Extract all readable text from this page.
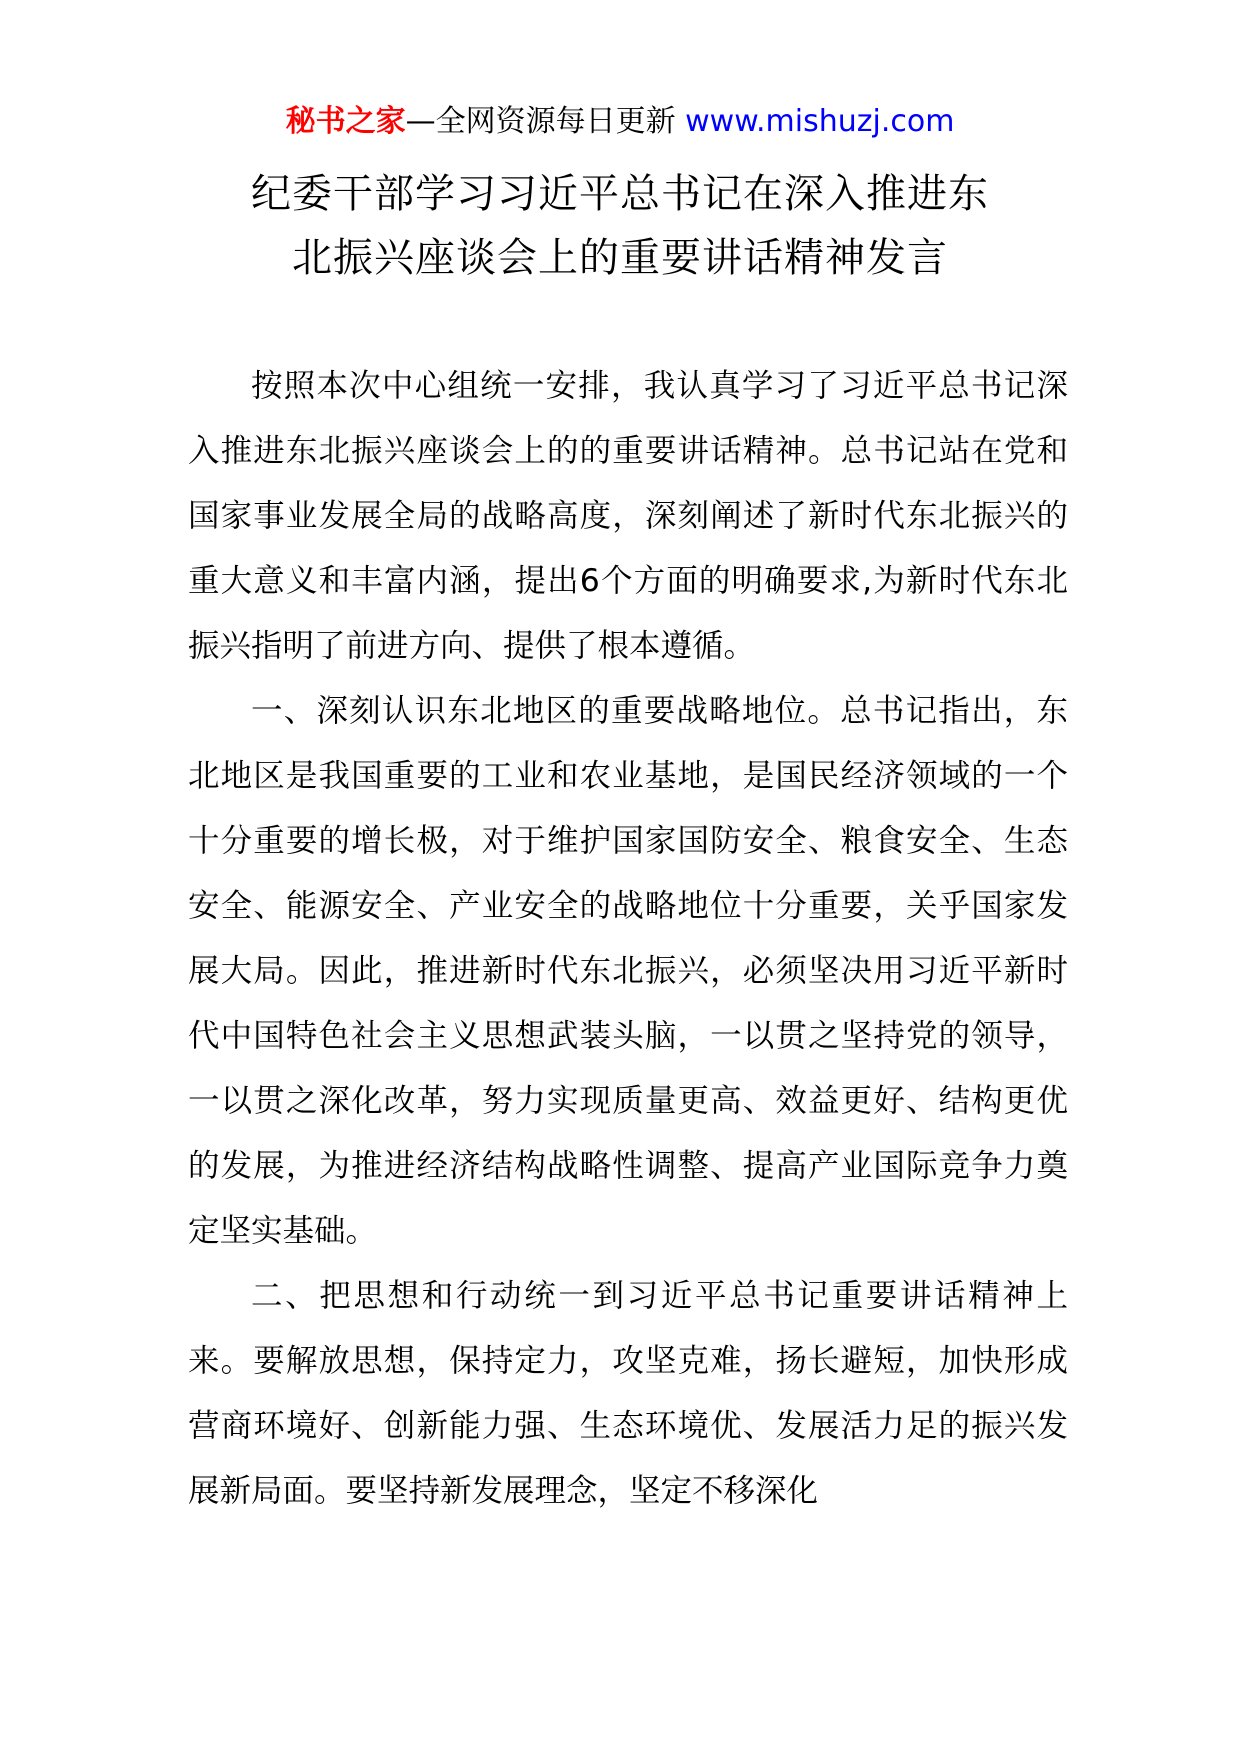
秘书之家—全网资源每日更新 www.mishuzj.com
纪委干部学习习近平总书记在深入推进东
北振兴座谈会上的重要讲话精神发言

按照本次中心组统一安排，我认真学习了习近平总书记深入推进东北振兴座谈会上的的重要讲话精神。总书记站在党和国家事业发展全局的战略高度，深刻阐述了新时代东北振兴的重大意义和丰富内涵，提出6个方面的明确要求,为新时代东北振兴指明了前进方向、提供了根本遵循。

一、深刻认识东北地区的重要战略地位。总书记指出，东北地区是我国重要的工业和农业基地，是国民经济领域的一个十分重要的增长极，对于维护国家国防安全、粮食安全、生态安全、能源安全、产业安全的战略地位十分重要，关乎国家发展大局。因此，推进新时代东北振兴，必须坚决用习近平新时代中国特色社会主义思想武装头脑，一以贯之坚持党的领导，一以贯之深化改革，努力实现质量更高、效益更好、结构更优的发展，为推进经济结构战略性调整、提高产业国际竞争力奠定坚实基础。

二、把思想和行动统一到习近平总书记重要讲话精神上来。要解放思想，保持定力，攻坚克难，扬长避短，加快形成营商环境好、创新能力强、生态环境优、发展活力足的振兴发展新局面。要坚持新发展理念，坚定不移深化
